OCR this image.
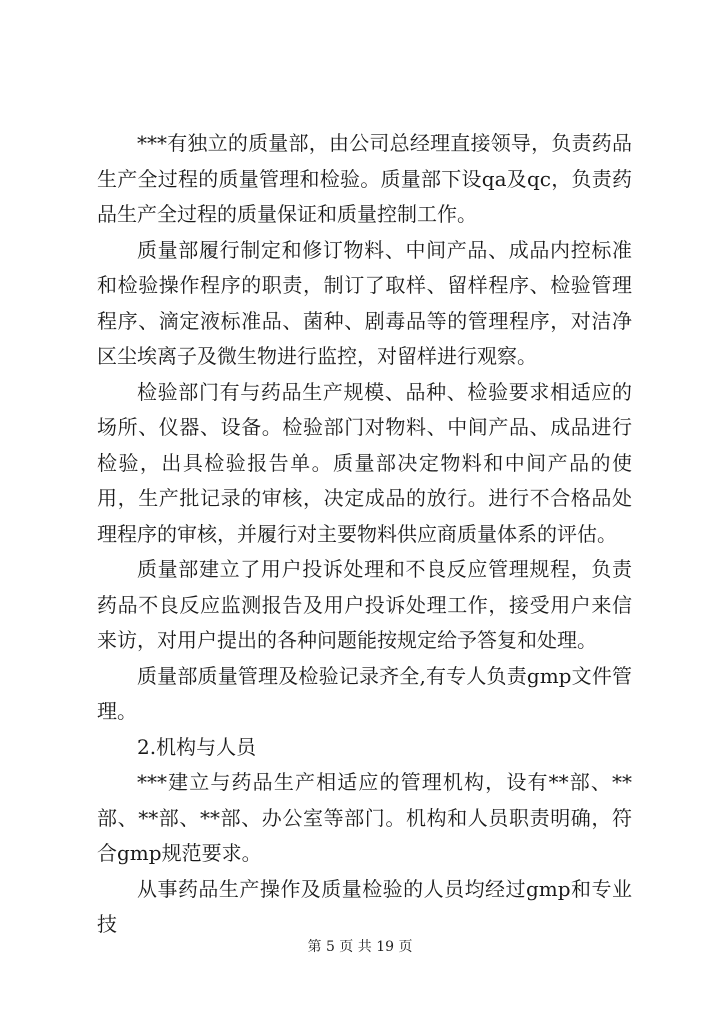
***有独立的质量部，由公司总经理直接领导，负责药品生产全过程的质量管理和检验。质量部下设qa及qc，负责药品生产全过程的质量保证和质量控制工作。

质量部履行制定和修订物料、中间产品、成品内控标准和检验操作程序的职责，制订了取样、留样程序、检验管理程序、滴定液标准品、菌种、剧毒品等的管理程序，对洁净区尘埃离子及微生物进行监控，对留样进行观察。

检验部门有与药品生产规模、品种、检验要求相适应的场所、仪器、设备。检验部门对物料、中间产品、成品进行检验，出具检验报告单。质量部决定物料和中间产品的使用，生产批记录的审核，决定成品的放行。进行不合格品处理程序的审核，并履行对主要物料供应商质量体系的评估。

质量部建立了用户投诉处理和不良反应管理规程，负责药品不良反应监测报告及用户投诉处理工作，接受用户来信来访，对用户提出的各种问题能按规定给予答复和处理。

质量部质量管理及检验记录齐全,有专人负责gmp文件管理。

2.机构与人员

***建立与药品生产相适应的管理机构，设有**部、**部、**部、**部、办公室等部门。机构和人员职责明确，符合gmp规范要求。

从事药品生产操作及质量检验的人员均经过gmp和专业技

第 5 页 共 19 页
